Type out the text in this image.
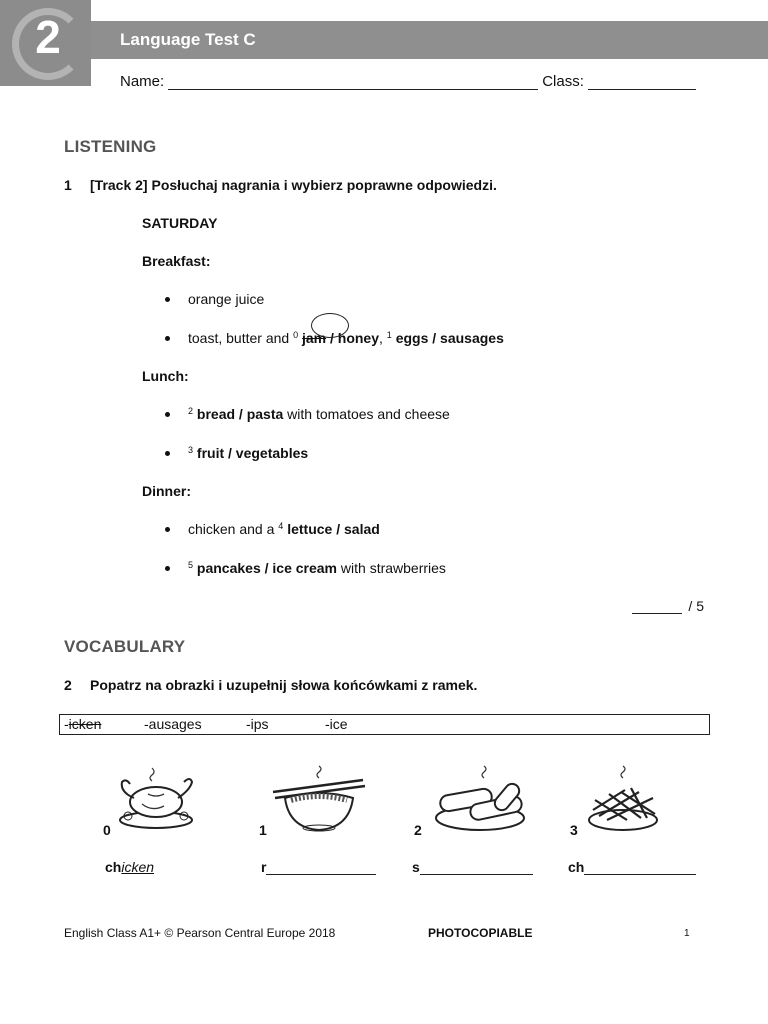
2	Language Test C
Name:	Class:
LISTENING
1 [Track 2] Posłuchaj nagrania i wybierz poprawne odpowiedzi.
SATURDAY
Breakfast:
orange juice
toast, butter and $^0$ jam / honey, $^1$ eggs / sausages
Lunch:
$^2$ bread / pasta with tomatoes and cheese
$^3$ fruit / vegetables
Dinner:
chicken and a $^4$ lettuce / salad
$^5$ pancakes / ice cream with strawberries
/ 5
VOCABULARY
2 Popatrz na obrazki i uzupełnij słowa końcówkami z ramek.
-icken	-ausages	-ips	-ice
0	1	2	3
chicken	r	s	ch
English Class A1+ © Pearson Central Europe 2018	PHOTOCOPIABLE	1
